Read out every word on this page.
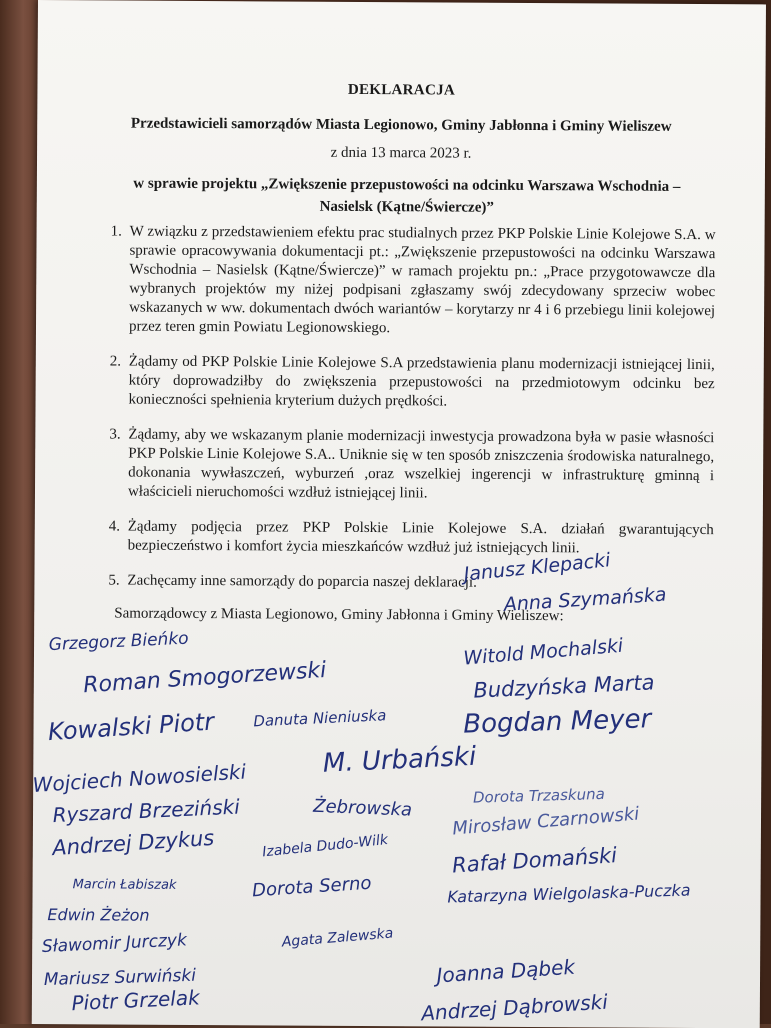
DEKLARACJA
Przedstawicieli samorządów Miasta Legionowo, Gminy Jabłonna i Gminy Wieliszew
z dnia 13 marca 2023 r.
w sprawie projektu „Zwiększenie przepustowości na odcinku Warszawa Wschodnia – Nasielsk (Kątne/Świercze)”
1. W związku z przedstawieniem efektu prac studialnych przez PKP Polskie Linie Kolejowe S.A. w sprawie opracowywania dokumentacji pt.: „Zwiększenie przepustowości na odcinku Warszawa Wschodnia – Nasielsk (Kątne/Świercze)” w ramach projektu pn.: „Prace przygotowawcze dla wybranych projektów my niżej podpisani zgłaszamy swój zdecydowany sprzeciw wobec wskazanych w ww. dokumentach dwóch wariantów – korytarzy nr 4 i 6 przebiegu linii kolejowej przez teren gmin Powiatu Legionowskiego.
2. Żądamy od PKP Polskie Linie Kolejowe S.A przedstawienia planu modernizacji istniejącej linii, który doprowadziłby do zwiększenia przepustowości na przedmiotowym odcinku bez konieczności spełnienia kryterium dużych prędkości.
3. Żądamy, aby we wskazanym planie modernizacji inwestycja prowadzona była w pasie własności PKP Polskie Linie Kolejowe S.A.. Uniknie się w ten sposób zniszczenia środowiska naturalnego, dokonania wywłaszczeń, wyburzeń ,oraz wszelkiej ingerencji w infrastrukturę gminną i właścicieli nieruchomości wzdłuż istniejącej linii.
4. Żądamy podjęcia przez PKP Polskie Linie Kolejowe S.A. działań gwarantujących bezpieczeństwo i komfort życia mieszkańców wzdłuż już istniejących linii.
5. Zachęcamy inne samorządy do poparcia naszej deklaracji.
Samorządowcy z Miasta Legionowo, Gminy Jabłonna i Gminy Wieliszew:
Janusz Klepacki
Anna Szymańska
Grzegorz Bieńko
Roman Smogorzewski
Witold Mochalski
Budzyńska Marta
Kowalski Piotr	Danuta Nieniuska	Bogdan Meyer
Wojciech Nowosielski	M. Urbański
Ryszard Brzeziński	Żebrowska	Dorota Trzaskuna
Mirosław Czarnowski
Andrzej Dzykus	Izabela Dudo-Wilk	Rafał Domański
Marcin Łabiszak	Dorota Serno	Katarzyna Wielgolaska-Puczka
Edwin Żeżon
Sławomir Jurczyk	Agata Zalewska
Mariusz Surwiński	Joanna Dąbek
Piotr Grzelak	Andrzej Dąbrowski
